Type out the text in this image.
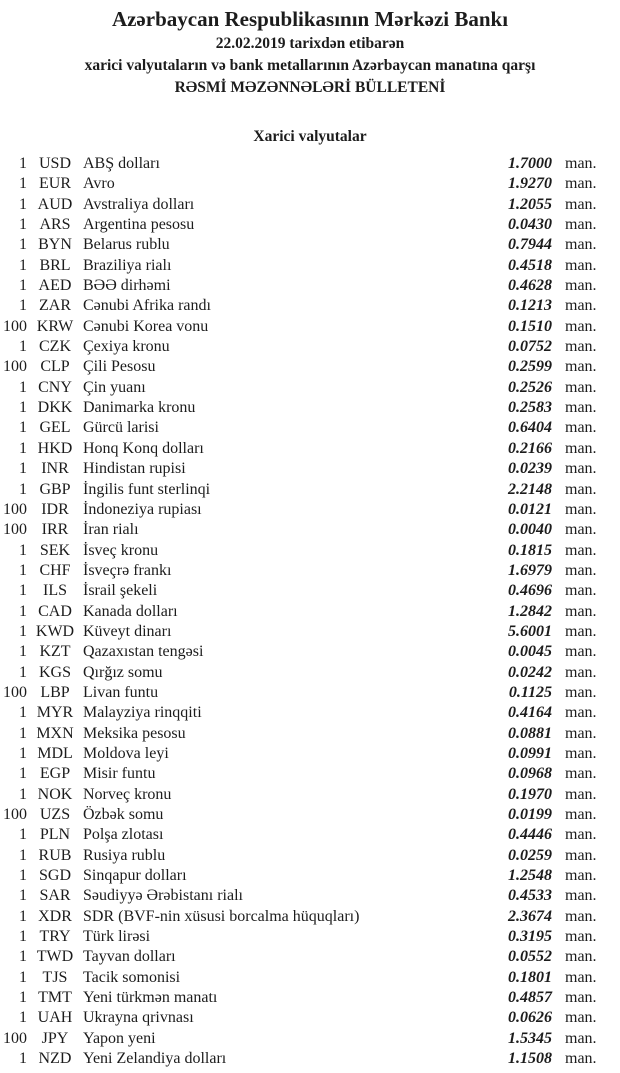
Azərbaycan Respublikasının Mərkəzi Bankı
22.02.2019 tarixdən etibarən
xarici valyutaların və bank metallarının Azərbaycan manatına qarşı
RƏSMİ MƏZƏNNƏLƏRİ BÜLLETENİ
Xarici valyutalar
1 USD ABŞ dolları	1.7000 man.
1 EUR Avro	1.9270 man.
1 AUD Avstraliya dolları	1.2055 man.
1 ARS Argentina pesosu	0.0430 man.
1 BYN Belarus rublu	0.7944 man.
1 BRL Braziliya rialı	0.4518 man.
1 AED BƏƏ dirhəmi	0.4628 man.
1 ZAR Cənubi Afrika randı	0.1213 man.
100 KRW Cənubi Korea vonu	0.1510 man.
1 CZK Çexiya kronu	0.0752 man.
100 CLP Çili Pesosu	0.2599 man.
1 CNY Çin yuanı	0.2526 man.
1 DKK Danimarka kronu	0.2583 man.
1 GEL Gürcü larisi	0.6404 man.
1 HKD Honq Konq dolları	0.2166 man.
1 INR Hindistan rupisi	0.0239 man.
1 GBP İngilis funt sterlinqi	2.2148 man.
100 IDR İndoneziya rupiası	0.0121 man.
100 IRR İran rialı	0.0040 man.
1 SEK İsveç kronu	0.1815 man.
1 CHF İsveçrə frankı	1.6979 man.
1	ILS	İsrail şekeli	0.4696 man.
1 CAD Kanada dolları	1.2842 man.
1 KWD Küveyt dinarı	5.6001 man.
1 KZT Qazaxıstan tengəsi	0.0045 man.
1 KGS Qırğız somu	0.0242 man.
100 LBP Livan funtu	0.1125 man.
1 MYR Malayziya rinqqiti	0.4164 man.
1 MXN Meksika pesosu	0.0881 man.
1 MDL Moldova leyi	0.0991 man.
1 EGP Misir funtu	0.0968 man.
1 NOK Norveç kronu	0.1970 man.
100 UZS Özbək somu	0.0199 man.
1 PLN Polşa zlotası	0.4446 man.
1 RUB Rusiya rublu	0.0259 man.
1 SGD Sinqapur dolları	1.2548 man.
1 SAR Səudiyyə Ərəbistanı rialı	0.4533 man.
1 XDR SDR (BVF-nin xüsusi borcalma hüquqları)	2.3674 man.
1 TRY Türk lirəsi	0.3195 man.
1 TWD Tayvan dolları	0.0552 man.
1 TJS Tacik somonisi	0.1801 man.
1 TMT Yeni türkmən manatı	0.4857 man.
1 UAH Ukrayna qrivnası	0.0626 man.
100 JPY Yapon yeni	1.5345 man.
1 NZD Yeni Zelandiya dolları	1.1508 man.
